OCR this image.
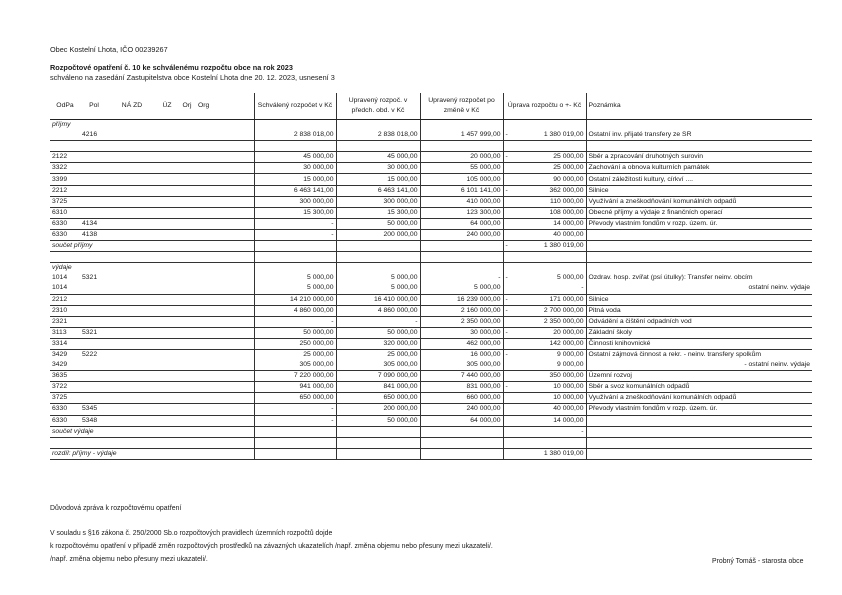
Obec Kostelní Lhota, IČO 00239267
Rozpočtové opatření č. 10 ke schválenému rozpočtu obce na rok 2023
schváleno na zasedání Zastupitelstva obce Kostelní Lhota dne 20. 12. 2023, usnesení 3
OdPa	Pol	NÁ ZD	ÚZ	Orj	Org	Schválený rozpočet v Kč	Upravený rozpoč. v předch. obd. v Kč	Upravený rozpočet po změně v Kč	Úprava rozpočtu o +- Kč	Poznámka
příjmy										
	4216					2 838 018,00	2 838 018,00	1 457 999,00	- 1 380 019,00	Ostatní inv. přijaté transfery ze SR

2122						45 000,00	45 000,00	20 000,00	- 25 000,00	Sběr a zpracování druhotných surovin
3322						30 000,00	30 000,00	55 000,00	25 000,00	Zachování a obnova kulturních památek
3399						15 000,00	15 000,00	105 000,00	90 000,00	Ostatní záležitosti kultury, církví ....
2212						6 463 141,00	6 463 141,00	6 101 141,00	- 362 000,00	Silnice
3725						300 000,00	300 000,00	410 000,00	110 000,00	Využívání a zneškodňování komunálních odpadů
6310						15 300,00	15 300,00	123 300,00	108 000,00	Obecné příjmy a výdaje z finančních operací
6330	4134					-	50 000,00	64 000,00	14 000,00	Převody vlastním fondům v rozp. územ. úr.
6330	4138					-	200 000,00	240 000,00	40 000,00	
součet příjmy									- 1 380 019,00	

výdaje										
1014	5321					5 000,00	5 000,00	-	- 5 000,00	Ozdrav. hosp. zvířat (psí útulky): Transfer neinv. obcím
1014						5 000,00	5 000,00	5 000,00	-	ostatní neinv. výdaje
2212						14 210 000,00	16 410 000,00	16 239 000,00	- 171 000,00	Silnice
2310						4 860 000,00	4 860 000,00	2 160 000,00	- 2 700 000,00	Pitná voda
2321						-	-	2 350 000,00	2 350 000,00	Odvádění a čištění odpadních vod
3113	5321					50 000,00	50 000,00	30 000,00	- 20 000,00	Základní školy
3314						250 000,00	320 000,00	462 000,00	142 000,00	Činnosti knihovnické
3429	5222					25 000,00	25 000,00	16 000,00	- 9 000,00	Ostatní zájmová činnost a rekr. - neinv. transfery spolkům
3429						305 000,00	305 000,00	305 000,00	9 000,00	- ostatní neinv. výdaje
3635						7 220 000,00	7 090 000,00	7 440 000,00	350 000,00	Územní rozvoj
3722						941 000,00	841 000,00	831 000,00	- 10 000,00	Sběr a svoz komunálních odpadů
3725						650 000,00	650 000,00	660 000,00	10 000,00	Využívání a zneškodňování komunálních odpadů
6330	5345					-	200 000,00	240 000,00	40 000,00	Převody vlastním fondům v rozp. územ. úr.
6330	5348					-	50 000,00	64 000,00	14 000,00	
součet výdaje									-	

rozdíl: příjmy - výdaje									1 380 019,00	
Důvodová zpráva k rozpočtovému opatření
V souladu s §16 zákona č. 250/2000 Sb.o rozpočtových pravidlech územních rozpočtů dojde
k rozpočtovému opatření v případě změn rozpočtových prostředků na závazných ukazatelích /např. změna objemu nebo přesuny mezi ukazateli/.
/např. změna objemu nebo přesuny mezi ukazateli/.	Probný Tomáš - starosta obce
